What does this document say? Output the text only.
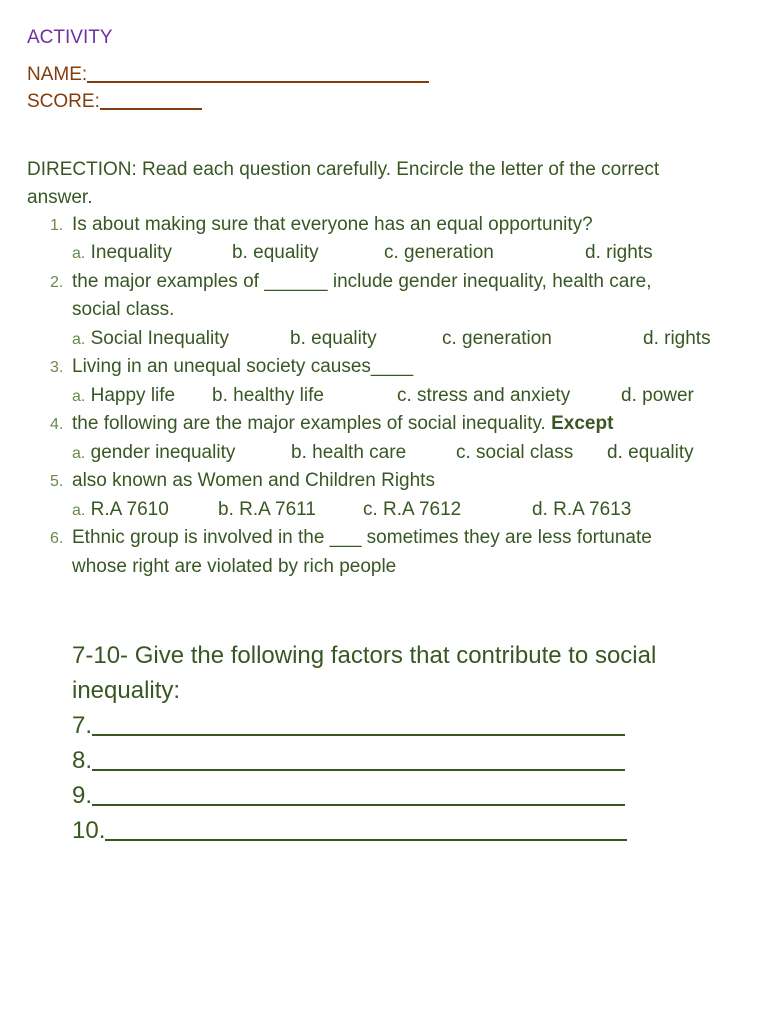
ACTIVITY
NAME:
SCORE:
DIRECTION: Read each question carefully. Encircle the letter of the correct answer.
1. Is about making sure that everyone has an equal opportunity?
a. Inequality	b. equality	c. generation	d. rights
2. the major examples of ______ include gender inequality, health care,
social class.
a. Social Inequality	b. equality	c. generation	d. rights
3. Living in an unequal society causes____
a. Happy life b. healthy life	c. stress and anxiety	d. power
4. the following are the major examples of social inequality. Except
a. gender inequality	b. health care	c. social class d. equality
5. also known as Women and Children Rights
a. R.A 7610	b. R.A 7611 c. R.A 7612	d. R.A 7613
6. Ethnic group is involved in the ___ sometimes they are less fortunate
whose right are violated by rich people
7-10- Give the following factors that contribute to social
inequality:
7.
8.
9.
10.
